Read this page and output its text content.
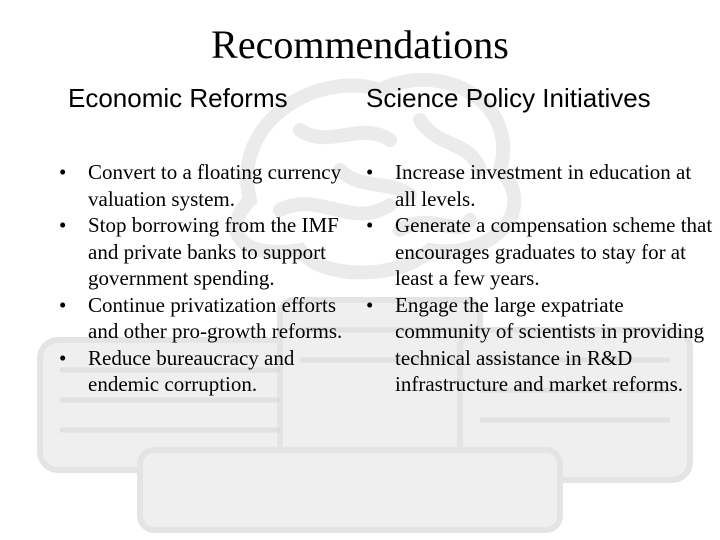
Recommendations
Economic Reforms	Science Policy Initiatives
• Convert to a floating currency valuation system.
• Stop borrowing from the IMF and private banks to support government spending.
• Continue privatization efforts and other pro-growth reforms.
• Reduce bureaucracy and endemic corruption.
• Increase investment in education at all levels.
• Generate a compensation scheme that encourages graduates to stay for at least a few years.
• Engage the large expatriate community of scientists in providing technical assistance in R&D infrastructure and market reforms.
